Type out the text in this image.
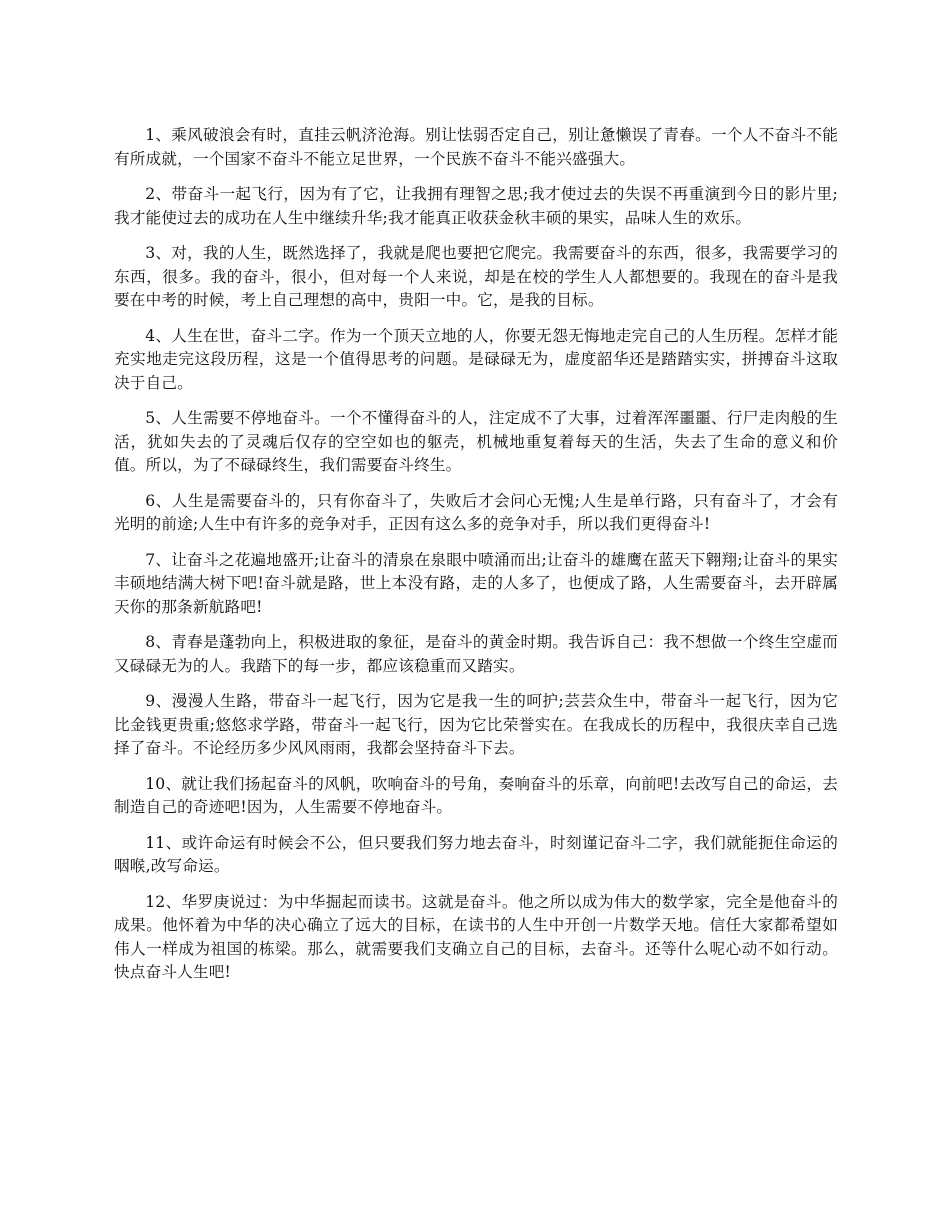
1、乘风破浪会有时，直挂云帆济沧海。别让怯弱否定自己，别让惫懒误了青春。一个人不奋斗不能有所成就，一个国家不奋斗不能立足世界，一个民族不奋斗不能兴盛强大。

2、带奋斗一起飞行，因为有了它，让我拥有理智之思;我才使过去的失误不再重演到今日的影片里;我才能使过去的成功在人生中继续升华;我才能真正收获金秋丰硕的果实，品味人生的欢乐。

3、对，我的人生，既然选择了，我就是爬也要把它爬完。我需要奋斗的东西，很多，我需要学习的东西，很多。我的奋斗，很小，但对每一个人来说，却是在校的学生人人都想要的。我现在的奋斗是我要在中考的时候，考上自己理想的高中，贵阳一中。它，是我的目标。

4、人生在世，奋斗二字。作为一个顶天立地的人，你要无怨无悔地走完自己的人生历程。怎样才能充实地走完这段历程，这是一个值得思考的问题。是碌碌无为，虚度韶华还是踏踏实实，拼搏奋斗这取决于自己。

5、人生需要不停地奋斗。一个不懂得奋斗的人，注定成不了大事，过着浑浑噩噩、行尸走肉般的生活，犹如失去的了灵魂后仅存的空空如也的躯壳，机械地重复着每天的生活，失去了生命的意义和价值。所以，为了不碌碌终生，我们需要奋斗终生。

6、人生是需要奋斗的，只有你奋斗了，失败后才会问心无愧;人生是单行路，只有奋斗了，才会有光明的前途;人生中有许多的竞争对手，正因有这么多的竞争对手，所以我们更得奋斗!

7、让奋斗之花遍地盛开;让奋斗的清泉在泉眼中喷涌而出;让奋斗的雄鹰在蓝天下翱翔;让奋斗的果实丰硕地结满大树下吧!奋斗就是路，世上本没有路，走的人多了，也便成了路，人生需要奋斗，去开辟属天你的那条新航路吧!

8、青春是蓬勃向上，积极进取的象征，是奋斗的黄金时期。我告诉自己：我不想做一个终生空虚而又碌碌无为的人。我踏下的每一步，都应该稳重而又踏实。

9、漫漫人生路，带奋斗一起飞行，因为它是我一生的呵护;芸芸众生中，带奋斗一起飞行，因为它比金钱更贵重;悠悠求学路，带奋斗一起飞行，因为它比荣誉实在。在我成长的历程中，我很庆幸自己选择了奋斗。不论经历多少风风雨雨，我都会坚持奋斗下去。

10、就让我们扬起奋斗的风帆，吹响奋斗的号角，奏响奋斗的乐章，向前吧!去改写自己的命运，去制造自己的奇迹吧!因为，人生需要不停地奋斗。

11、或许命运有时候会不公，但只要我们努力地去奋斗，时刻谨记奋斗二字，我们就能扼住命运的咽喉,改写命运。

12、华罗庚说过：为中华掘起而读书。这就是奋斗。他之所以成为伟大的数学家，完全是他奋斗的成果。他怀着为中华的决心确立了远大的目标，在读书的人生中开创一片数学天地。信任大家都希望如伟人一样成为祖国的栋梁。那么，就需要我们支确立自己的目标，去奋斗。还等什么呢心动不如行动。快点奋斗人生吧!
